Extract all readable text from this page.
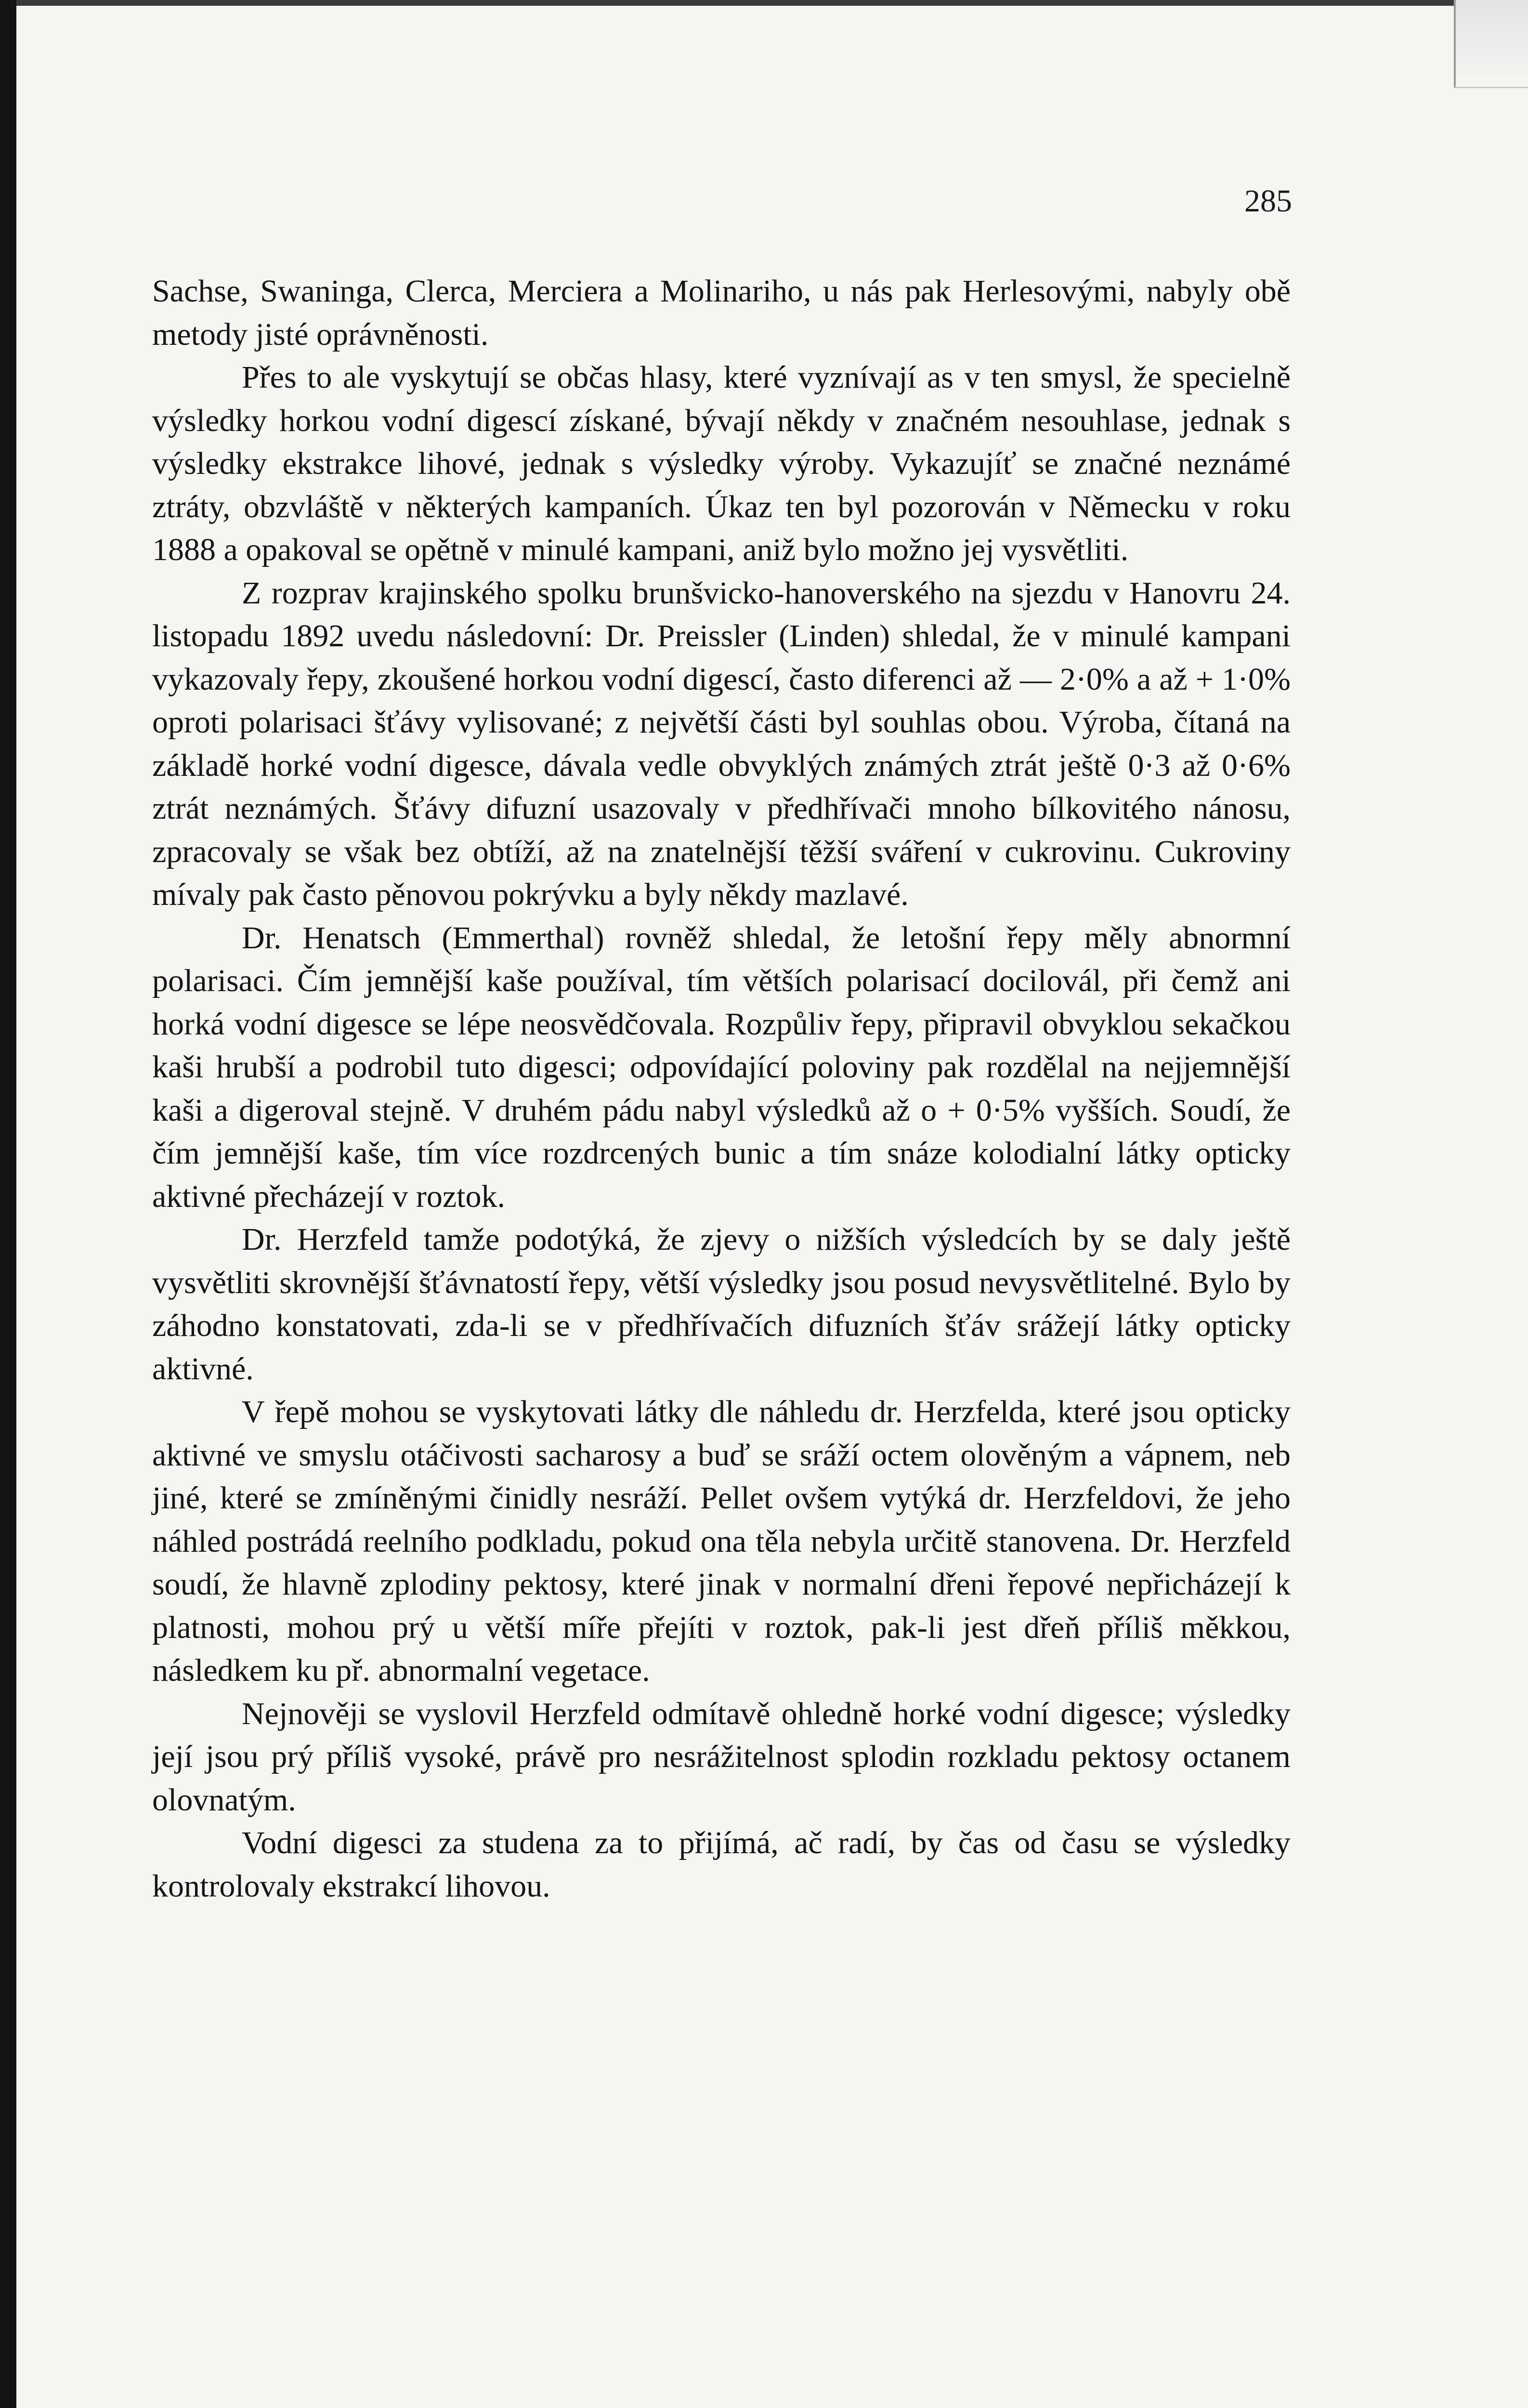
285

Sachse, Swaninga, Clerca, Merciera a Molinariho, u nás pak Herlesovými, nabyly obě metody jisté oprávněnosti.

Přes to ale vyskytují se občas hlasy, které vyznívají as v ten smysl, že specielně výsledky horkou vodní digescí získané, bývají někdy v značném nesouhlase, jednak s výsledky ekstrakce lihové, jednak s výsledky výroby. Vykazujíť se značné neznámé ztráty, obzvláště v některých kampaních. Úkaz ten byl pozorován v Německu v roku 1888 a opakoval se opětně v minulé kampani, aniž bylo možno jej vysvětliti.

Z rozprav krajinského spolku brunšvicko-hanoverského na sjezdu v Hanovru 24. listopadu 1892 uvedu následovní: Dr. Preissler (Linden) shledal, že v minulé kampani vykazovaly řepy, zkoušené horkou vodní digescí, často diferenci až — 2·0% a až + 1·0% oproti polarisaci šťávy vylisované; z největší části byl souhlas obou. Výroba, čítaná na základě horké vodní digesce, dávala vedle obvyklých známých ztrát ještě 0·3 až 0·6% ztrát neznámých. Šťávy difuzní usazovaly v předhřívači mnoho bílkovitého nánosu, zpracovaly se však bez obtíží, až na znatelnější těžší sváření v cukrovinu. Cukroviny mívaly pak často pěnovou pokrývku a byly někdy mazlavé.

Dr. Henatsch (Emmerthal) rovněž shledal, že letošní řepy měly abnormní polarisaci. Čím jemnější kaše používal, tím větších polarisací docilovál, při čemž ani horká vodní digesce se lépe neosvědčovala. Rozpůliv řepy, připravil obvyklou sekačkou kaši hrubší a podrobil tuto digesci; odpovídající poloviny pak rozdělal na nejjemnější kaši a digeroval stejně. V druhém pádu nabyl výsledků až o + 0·5% vyšších. Soudí, že čím jemnější kaše, tím více rozdrcených bunic a tím snáze kolodialní látky opticky aktivné přecházejí v roztok.

Dr. Herzfeld tamže podotýká, že zjevy o nižších výsledcích by se daly ještě vysvětliti skrovnější šťávnatostí řepy, větší výsledky jsou posud nevysvětlitelné. Bylo by záhodno konstatovati, zda-li se v předhřívačích difuzních šťáv srážejí látky opticky aktivné.

V řepě mohou se vyskytovati látky dle náhledu dr. Herzfelda, které jsou opticky aktivné ve smyslu otáčivosti sacharosy a buď se sráží octem olověným a vápnem, neb jiné, které se zmíněnými činidly nesráží. Pellet ovšem vytýká dr. Herzfeldovi, že jeho náhled postrádá reelního podkladu, pokud ona těla nebyla určitě stanovena. Dr. Herzfeld soudí, že hlavně zplodiny pektosy, které jinak v normalní dřeni řepové nepřicházejí k platnosti, mohou prý u větší míře přejíti v roztok, pak-li jest dřeň příliš měkkou, následkem ku př. abnormalní vegetace.

Nejnověji se vyslovil Herzfeld odmítavě ohledně horké vodní digesce; výsledky její jsou prý příliš vysoké, právě pro nesrážitelnost splodin rozkladu pektosy octanem olovnatým.

Vodní digesci za studena za to přijímá, ač radí, by čas od času se výsledky kontrolovaly ekstrakcí lihovou.
